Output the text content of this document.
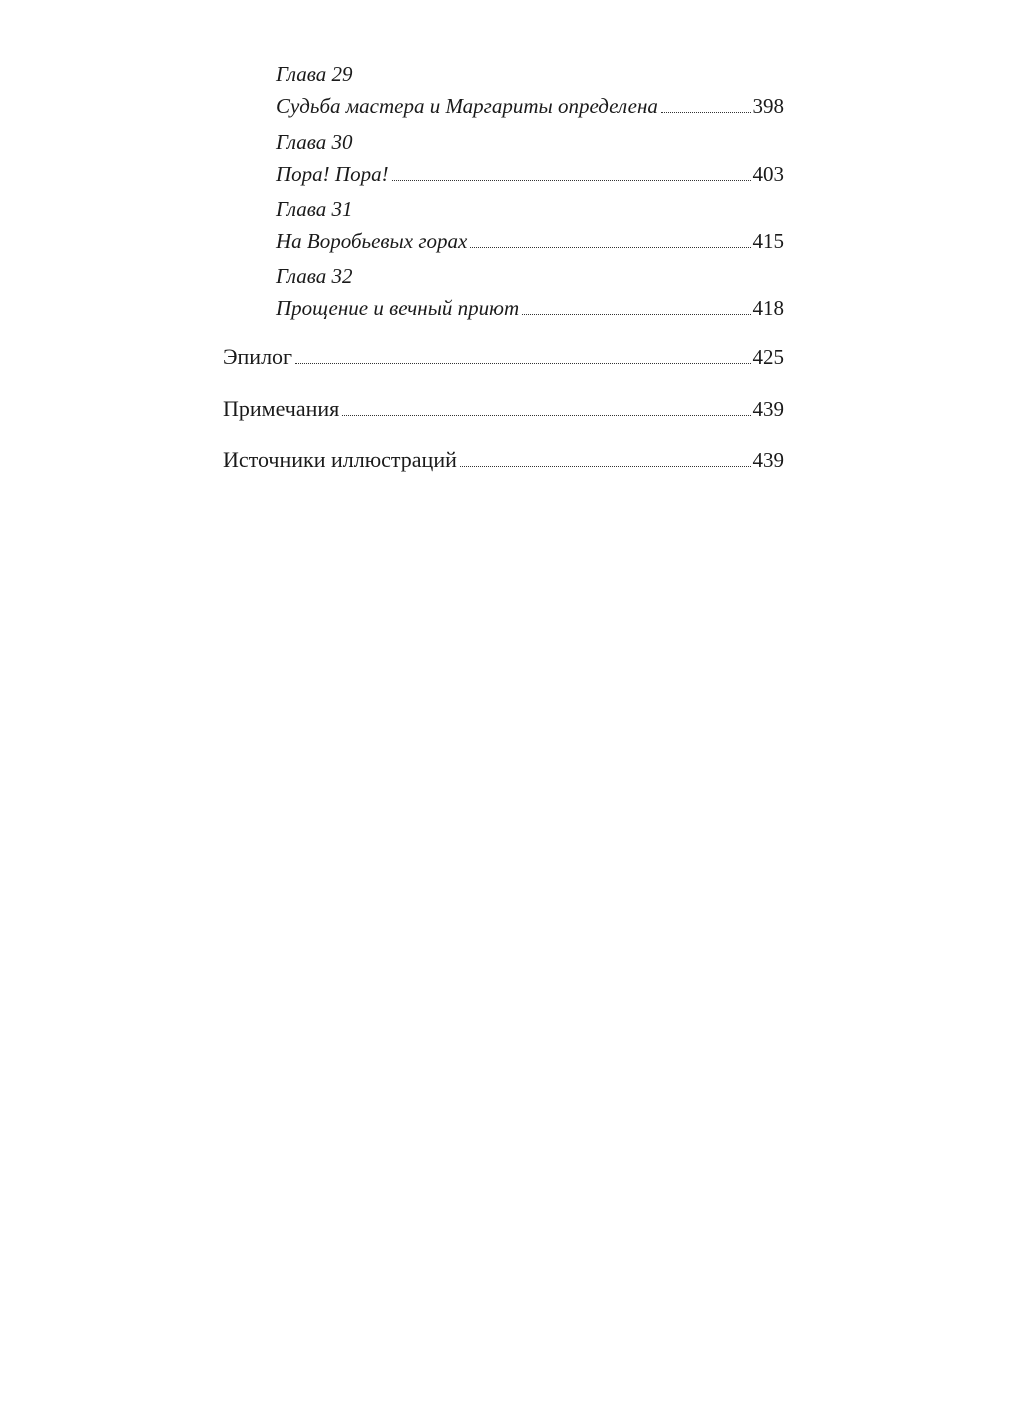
Глава 29
Судьба мастера и Маргариты определена	398
Глава 30
Пора! Пора!	403
Глава 31
На Воробьевых горах	415
Глава 32
Прощение и вечный приют	418
Эпилог	425
Примечания	439
Источники иллюстраций	439
